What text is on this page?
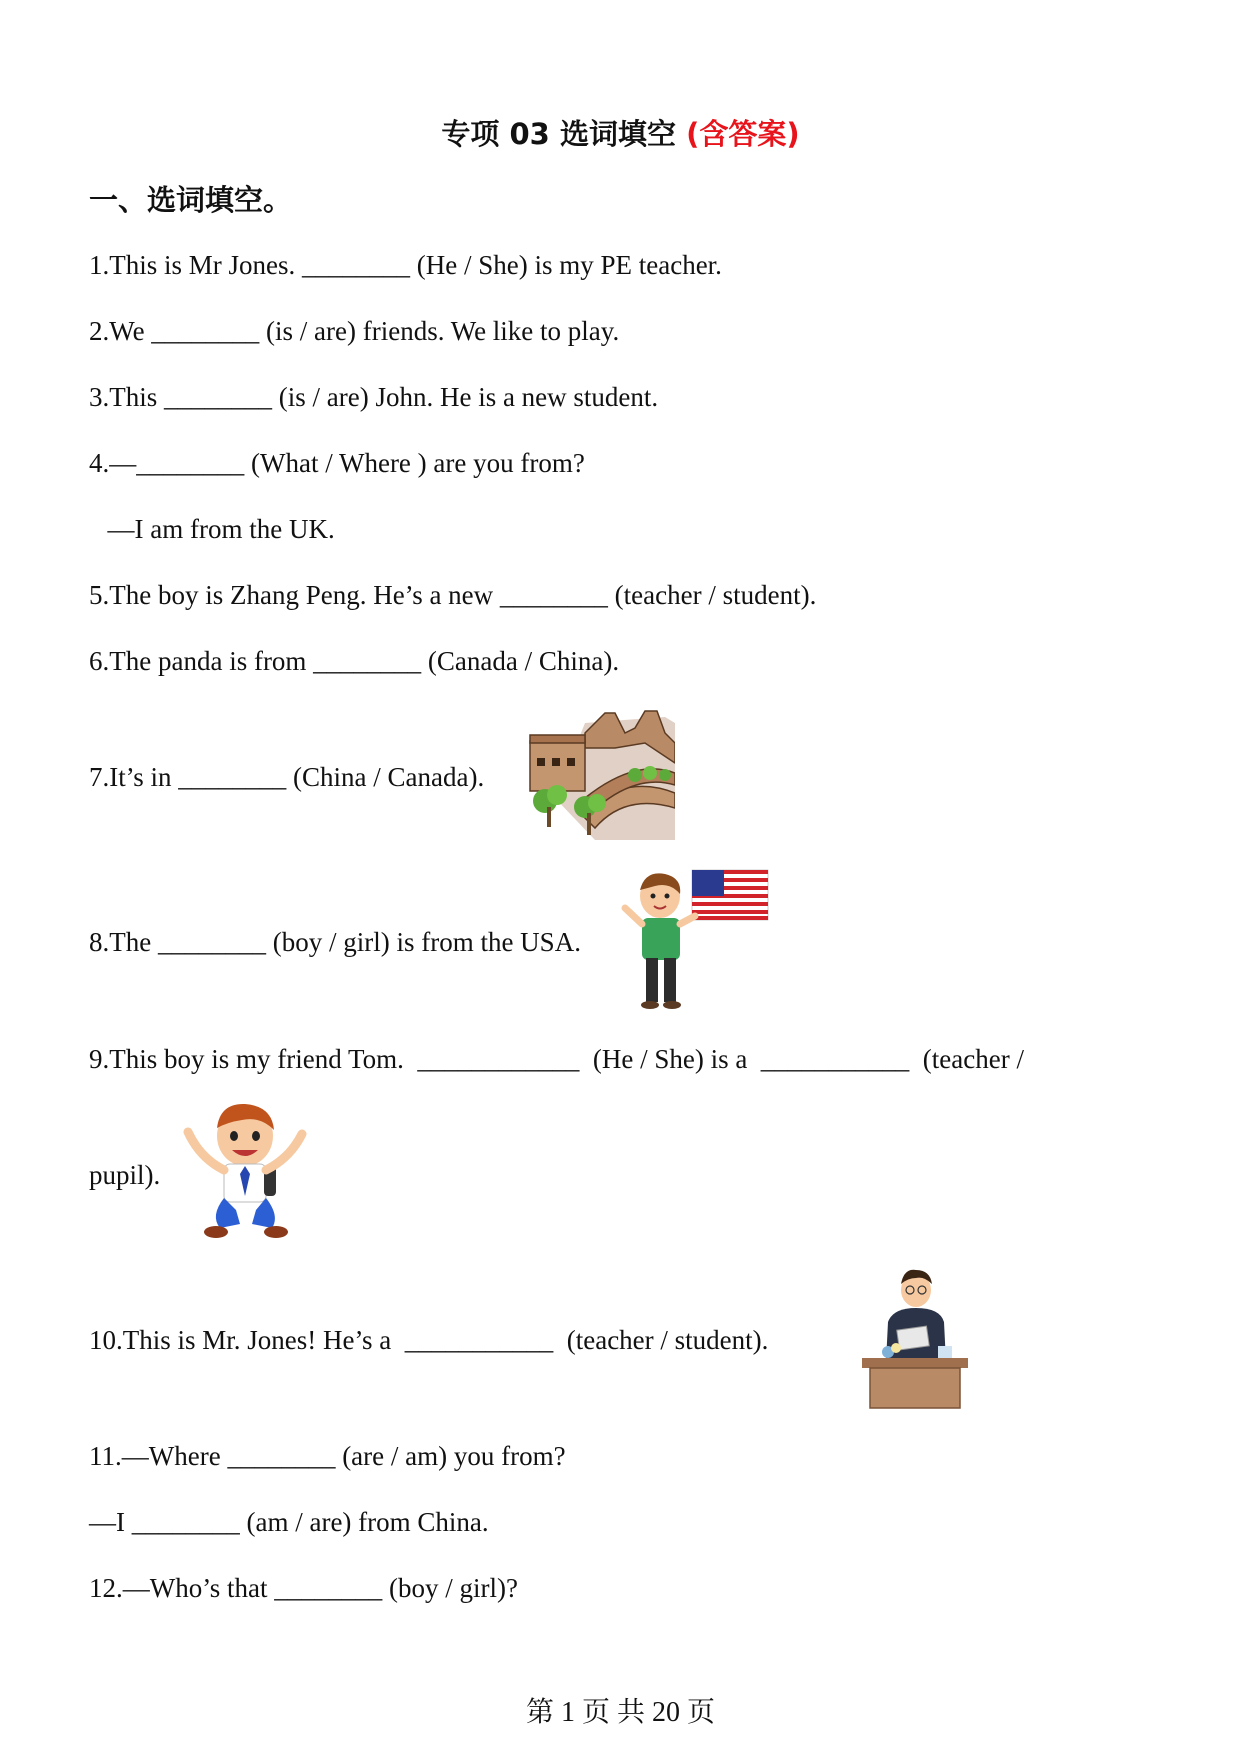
专项 03 选词填空 (含答案)
一、选词填空。
1.This is Mr Jones. ________ (He / She) is my PE teacher.
2.We ________ (is / are) friends. We like to play.
3.This ________ (is / are) John. He is a new student.
4.—________ (What / Where ) are you from?
—I am from the UK.
5.The boy is Zhang Peng. He’s a new ________ (teacher / student).
6.The panda is from ________ (Canada / China).
7.It’s in ________ (China / Canada).
8.The ________ (boy / girl) is from the USA.
9.This boy is my friend Tom.  ____________  (He / She) is a  ___________  (teacher /
pupil).
10.This is Mr. Jones! He’s a  ___________  (teacher / student).
11.—Where ________ (are / am) you from?
—I ________ (am / are) from China.
12.—Who’s that ________ (boy / girl)?
第 1 页 共 20 页
